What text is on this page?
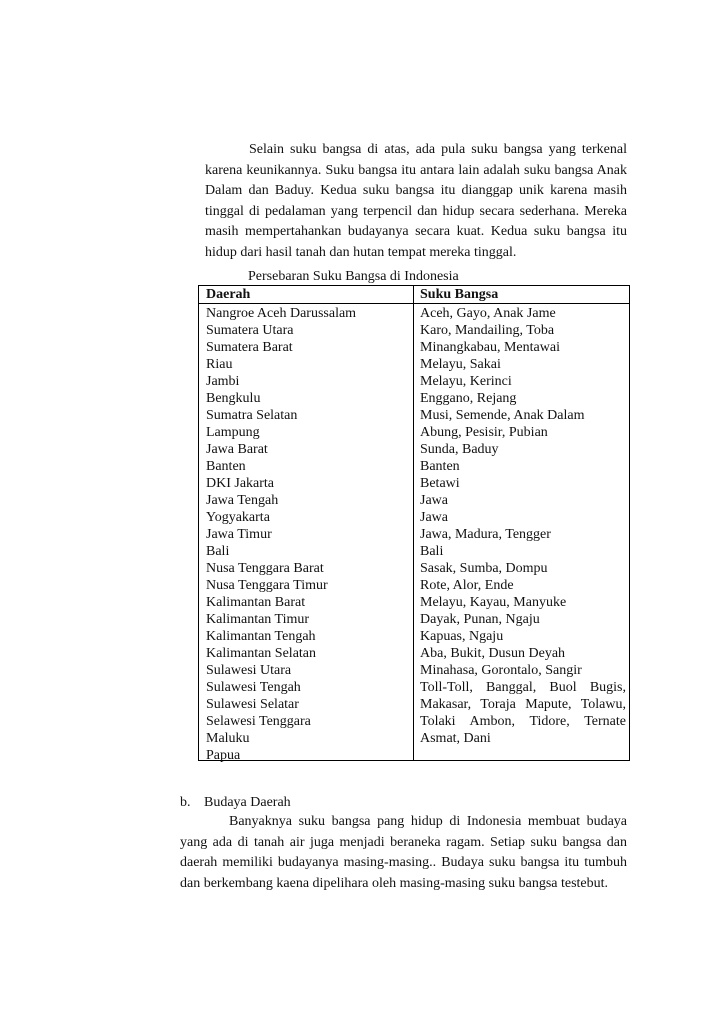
Selain suku bangsa di atas, ada pula suku bangsa yang terkenal karena keunikannya. Suku bangsa itu antara lain adalah suku bangsa Anak Dalam dan Baduy. Kedua suku bangsa itu dianggap unik karena masih tinggal di pedalaman yang terpencil dan hidup secara sederhana. Mereka masih mempertahankan budayanya secara kuat. Kedua suku bangsa itu hidup dari hasil tanah dan hutan tempat mereka tinggal.
Persebaran Suku Bangsa di Indonesia
Daerah	Suku Bangsa
Nangroe Aceh Darussalam
Sumatera Utara
Sumatera Barat
Riau
Jambi
Bengkulu
Sumatra Selatan
Lampung
Jawa Barat
Banten
DKI Jakarta
Jawa Tengah
Yogyakarta
Jawa Timur
Bali
Nusa Tenggara Barat
Nusa Tenggara Timur
Kalimantan Barat
Kalimantan Timur
Kalimantan Tengah
Kalimantan Selatan
Sulawesi Utara
Sulawesi Tengah
Sulawesi Selatar
Selawesi Tenggara
Maluku
Papua
Aceh, Gayo, Anak Jame
Karo, Mandailing, Toba
Minangkabau, Mentawai
Melayu, Sakai
Melayu, Kerinci
Enggano, Rejang
Musi, Semende, Anak Dalam
Abung, Pesisir, Pubian
Sunda, Baduy
Banten
Betawi
Jawa
Jawa
Jawa, Madura, Tengger
Bali
Sasak, Sumba, Dompu
Rote, Alor, Ende
Melayu, Kayau, Manyuke
Dayak, Punan, Ngaju
Kapuas, Ngaju
Aba, Bukit, Dusun Deyah
Minahasa, Gorontalo, Sangir
Toll-Toll, Banggal, Buol Bugis,
Makasar, Toraja Mapute, Tolawu,
Tolaki Ambon, Tidore, Ternate
Asmat, Dani
b. Budaya Daerah
Banyaknya suku bangsa pang hidup di Indonesia membuat budaya yang ada di tanah air juga menjadi beraneka ragam. Setiap suku bangsa dan daerah memiliki budayanya masing-masing.. Budaya suku bangsa itu tumbuh dan berkembang kaena dipelihara oleh masing-masing suku bangsa testebut.
